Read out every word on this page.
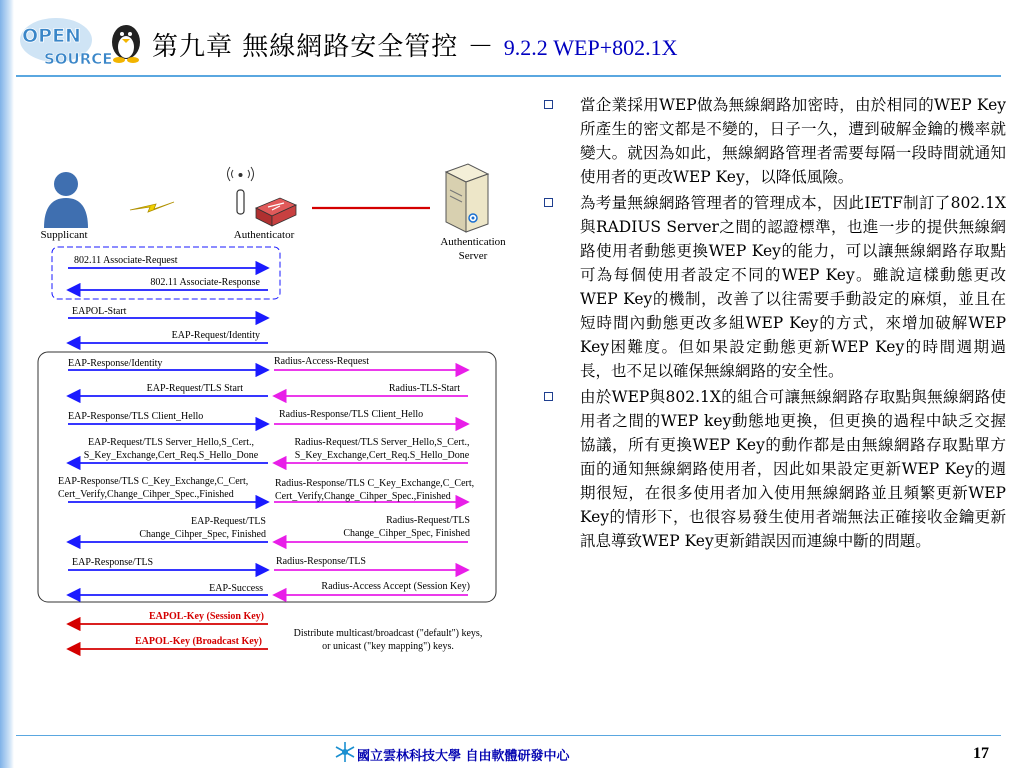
OPEN
SOURCE 第九章 無線網路安全管控 － 9.2.2 WEP+802.1X
Supplicant	Authenticator
Authentication
Server
802.11 Associate-Request
802.11 Associate-Response
EAPOL-Start
EAP-Request/Identity
EAP-Response/Identity
EAP-Request/TLS Start
EAP-Response/TLS Client_Hello
EAP-Request/TLS Server_Hello,S_Cert.,
S_Key_Exchange,Cert_Req.S_Hello_Done
EAP-Response/TLS C_Key_Exchange,C_Cert,
Cert_Verify,Change_Cihper_Spec.,Finished
EAP-Request/TLS
Change_Cihper_Spec, Finished
EAP-Response/TLS
EAP-Success
EAPOL-Key (Session Key)
EAPOL-Key (Broadcast Key)
Radius-Access-Request
Radius-TLS-Start
Radius-Response/TLS Client_Hello
Radius-Request/TLS Server_Hello,S_Cert.,
S_Key_Exchange,Cert_Req.S_Hello_Done
Radius-Response/TLS C_Key_Exchange,C_Cert,
Cert_Verify,Change_Cihper_Spec.,Finished
Radius-Request/TLS
Change_Cihper_Spec, Finished
Radius-Response/TLS
Radius-Access Accept (Session Key)
Distribute multicast/broadcast ("default") keys,
or unicast ("key mapping") keys.
當企業採用WEP做為無線網路加密時，由於相同的WEP Key所產生的密文都是不變的，日子一久，遭到破解金鑰的機率就變大。就因為如此，無線網路管理者需要每隔一段時間就通知使用者的更改WEP Key，以降低風險。
為考量無線網路管理者的管理成本，因此IETF制訂了802.1X與RADIUS Server之間的認證標準，也進一步的提供無線網路使用者動態更換WEP Key的能力，可以讓無線網路存取點可為每個使用者設定不同的WEP Key。雖說這樣動態更改WEP Key的機制，改善了以往需要手動設定的麻煩，並且在短時間內動態更改多組WEP Key的方式，來增加破解WEP Key困難度。但如果設定動態更新WEP Key的時間週期過長，也不足以確保無線網路的安全性。
由於WEP與802.1X的組合可讓無線網路存取點與無線網路使用者之間的WEP key動態地更換，但更換的過程中缺乏交握協議，所有更換WEP Key的動作都是由無線網路存取點單方面的通知無線網路使用者，因此如果設定更新WEP Key的週期很短，在很多使用者加入使用無線網路並且頻繁更新WEP Key的情形下，也很容易發生使用者端無法正確接收金鑰更新訊息導致WEP Key更新錯誤因而連線中斷的問題。
國立雲林科技大學 自由軟體研發中心	17
